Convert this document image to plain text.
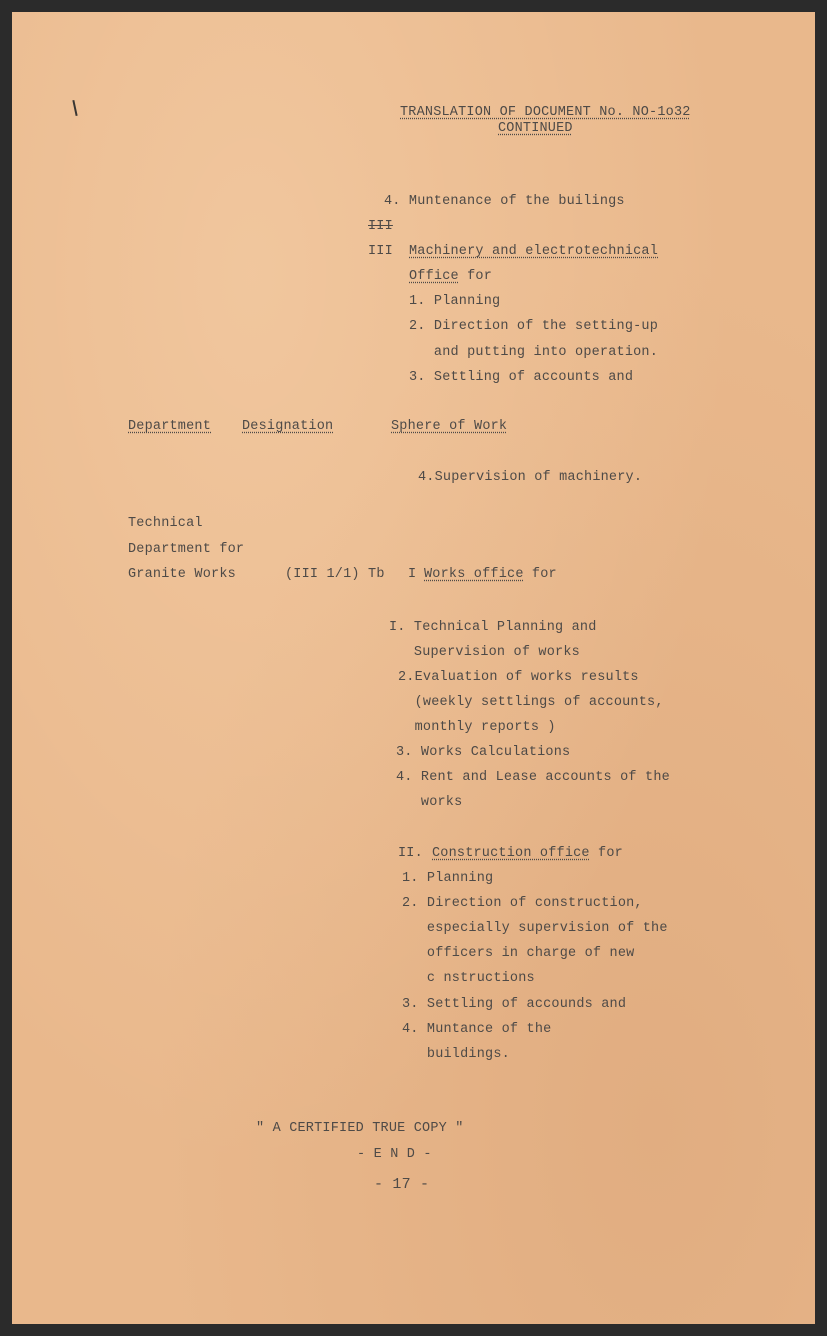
TRANSLATION OF DOCUMENT No. NO-1o32
CONTINUED
4. Muntenance of the builings
III
III Machinery and electrotechnical
Office for
1. Planning
2. Direction of the setting-up
and putting into operation.
3. Settling of accounts and
Department Designation	Sphere of Work
4.Supervision of machinery.
Technical
Department for
Granite Works	(III 1/1) Tb I Works office for
I. Technical Planning and
Supervision of works
2.Evaluation of works results
(weekly settlings of accounts,
monthly reports )
3. Works Calculations
4. Rent and Lease accounts of the
works
II. Construction office for
1. Planning
2. Direction of construction,
especially supervision of the
officers in charge of new
c nstructions
3. Settling of accounds and
4. Muntance of the
buildings.
" A CERTIFIED TRUE COPY "
- E N D -
- 17 -
